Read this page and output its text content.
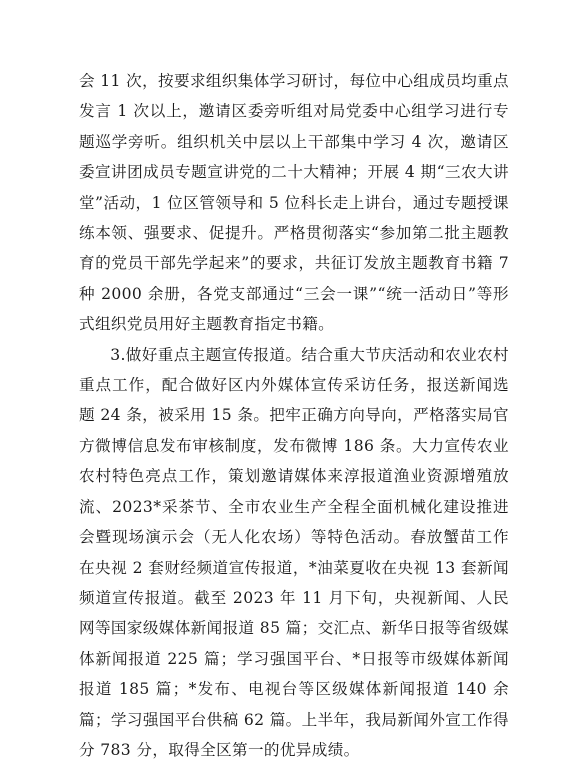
会 11 次，按要求组织集体学习研讨，每位中心组成员均重点发言 1 次以上，邀请区委旁听组对局党委中心组学习进行专题巡学旁听。组织机关中层以上干部集中学习 4 次，邀请区委宣讲团成员专题宣讲党的二十大精神；开展 4 期“三农大讲堂”活动，1 位区管领导和 5 位科长走上讲台，通过专题授课练本领、强要求、促提升。严格贯彻落实“参加第二批主题教育的党员干部先学起来”的要求，共征订发放主题教育书籍 7 种 2000 余册，各党支部通过“三会一课”“统一活动日”等形式组织党员用好主题教育指定书籍。

3.做好重点主题宣传报道。结合重大节庆活动和农业农村重点工作，配合做好区内外媒体宣传采访任务，报送新闻选题 24 条，被采用 15 条。把牢正确方向导向，严格落实局官方微博信息发布审核制度，发布微博 186 条。大力宣传农业农村特色亮点工作，策划邀请媒体来淳报道渔业资源增殖放流、2023*采茶节、全市农业生产全程全面机械化建设推进会暨现场演示会（无人化农场）等特色活动。春放蟹苗工作在央视 2 套财经频道宣传报道，*油菜夏收在央视 13 套新闻频道宣传报道。截至 2023 年 11 月下旬，央视新闻、人民网等国家级媒体新闻报道 85 篇；交汇点、新华日报等省级媒体新闻报道 225 篇；学习强国平台、*日报等市级媒体新闻报道 185 篇；*发布、电视台等区级媒体新闻报道 140 余篇；学习强国平台供稿 62 篇。上半年，我局新闻外宣工作得分 783 分，取得全区第一的优异成绩。
